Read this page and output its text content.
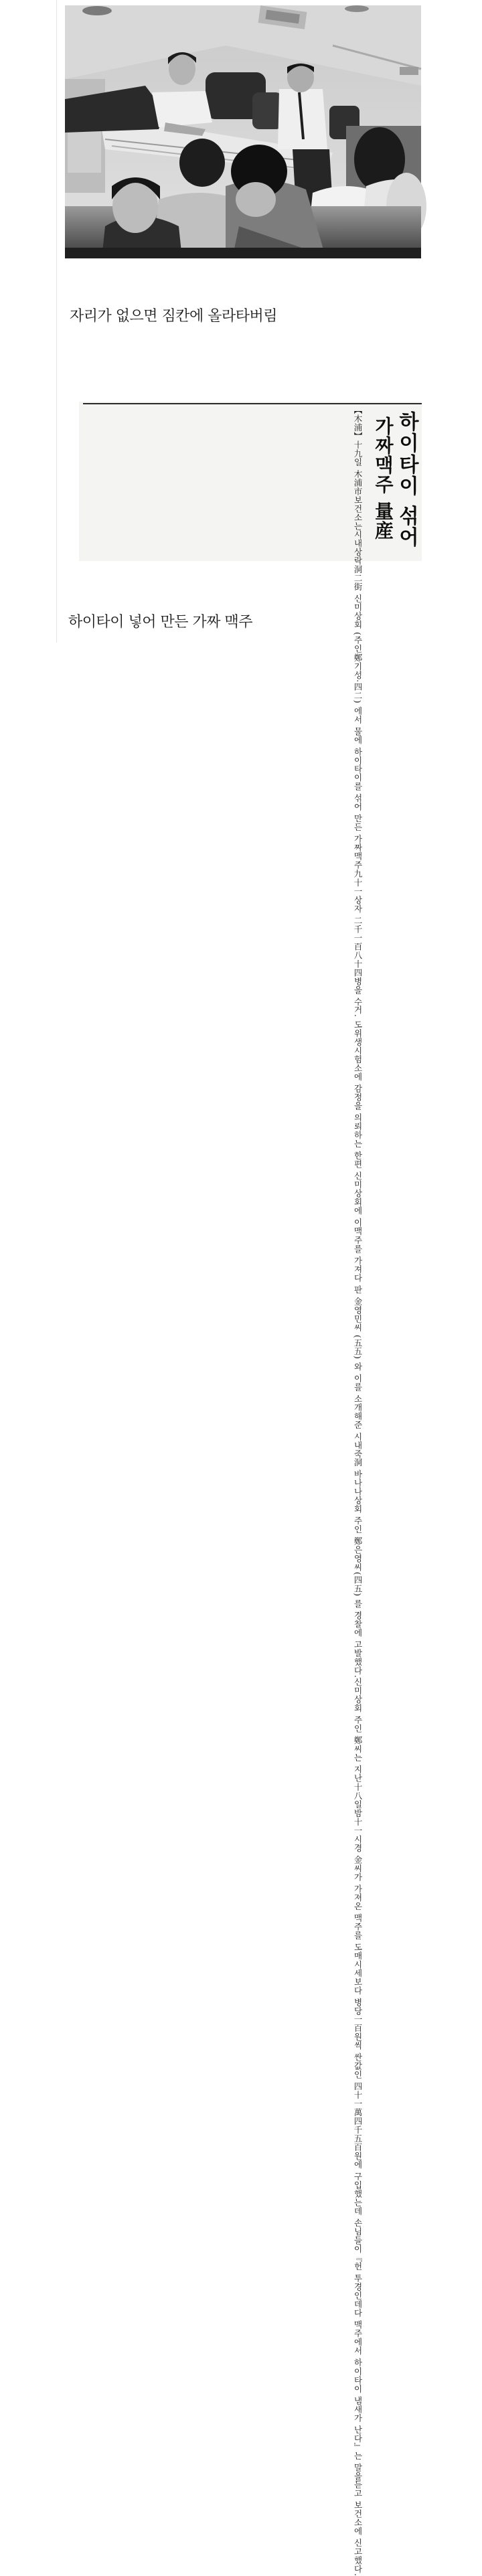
자리가 없으면 짐칸에 올라타버림
하이타이 섞어
가짜맥주 量産
【木浦】十九일 木浦市보건소는
시내상락洞二街 신미상회 (주인
鄭기성·四二) 에서 물에 하이
타이를 섞어 만든 가짜맥주九
十一상자 二千一百八十四병을 수
거. 도위생시험소에 감정을 의
뢰하는 한편 신미상회에 이맥
주를 가져다 판 金영민씨 (五
五) 와 이를 소개해준 시내죽
洞 바나나상회 주인 鄭은영씨
(四五) 를 경찰에 고발했다.
신미상회 주인 鄭씨는 지난
十八일밤十一시경 金씨가 가져
온 맥주를 도매시세보다 병당
一百원씩 싼값인 四十一萬四千
五百원에 구입했는데 손님들이
『헌 투경인데다 맥주에서 하
이타이 냄새가 난다』는 말을
듣고 보건소에 신고했다.
하이타이 넣어 만든 가짜 맥주
